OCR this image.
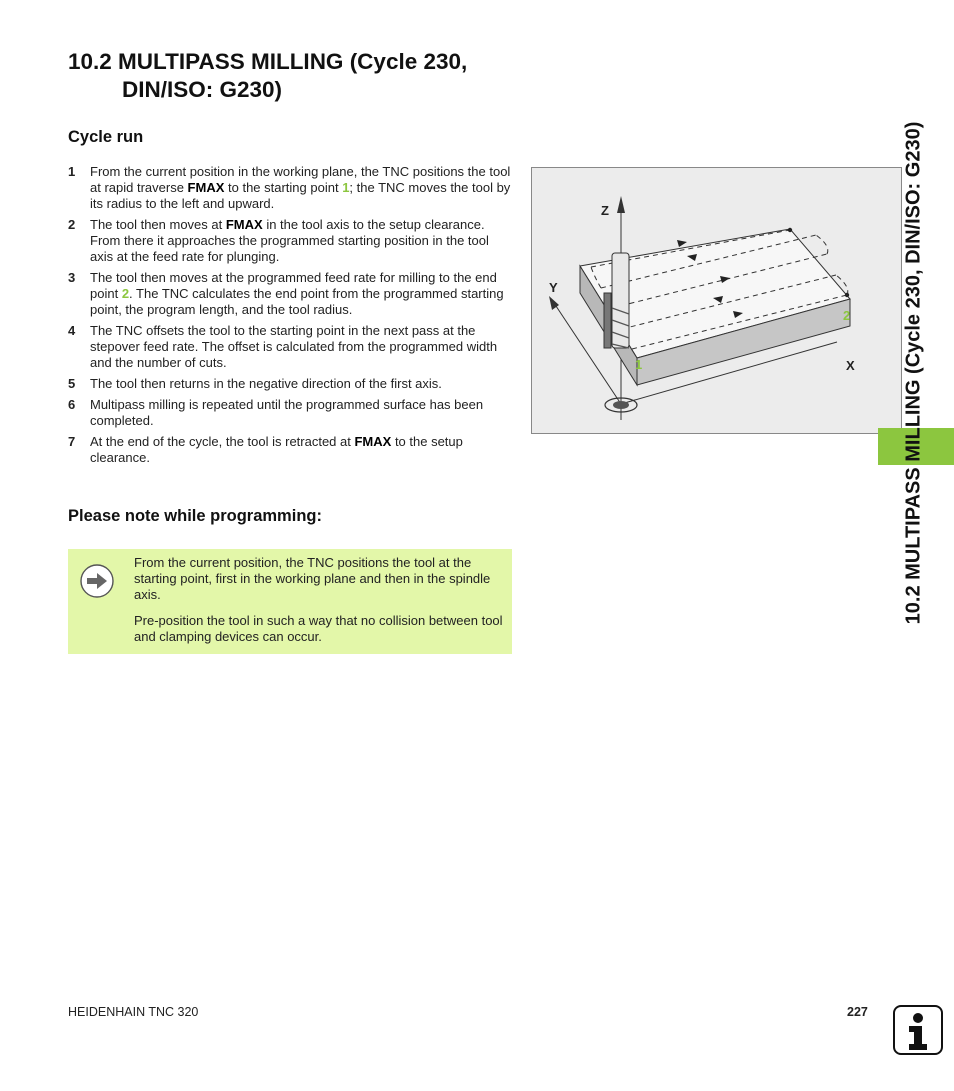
10.2 MULTIPASS MILLING (Cycle 230,
DIN/ISO: G230)
Cycle run
1	From the current position in the working plane, the TNC positions the tool at rapid traverse FMAX to the starting point 1; the TNC moves the tool by its radius to the left and upward.
2	The tool then moves at FMAX in the tool axis to the setup clearance. From there it approaches the programmed starting position in the tool axis at the feed rate for plunging.
3	The tool then moves at the programmed feed rate for milling to the end point 2. The TNC calculates the end point from the programmed starting point, the program length, and the tool radius.
4	The TNC offsets the tool to the starting point in the next pass at the stepover feed rate. The offset is calculated from the programmed width and the number of cuts.
5	The tool then returns in the negative direction of the first axis.
6	Multipass milling is repeated until the programmed surface has been completed.
7	At the end of the cycle, the tool is retracted at FMAX to the setup clearance.
Please note while programming:

From the current position, the TNC positions the tool at the starting point, first in the working plane and then in the spindle axis.

Pre-position the tool in such a way that no collision between tool and clamping devices can occur.

Z
Y
X
1
2	10.2 MULTIPASS MILLING (Cycle 230, DIN/ISO: G230)
HEIDENHAIN TNC 320	227
